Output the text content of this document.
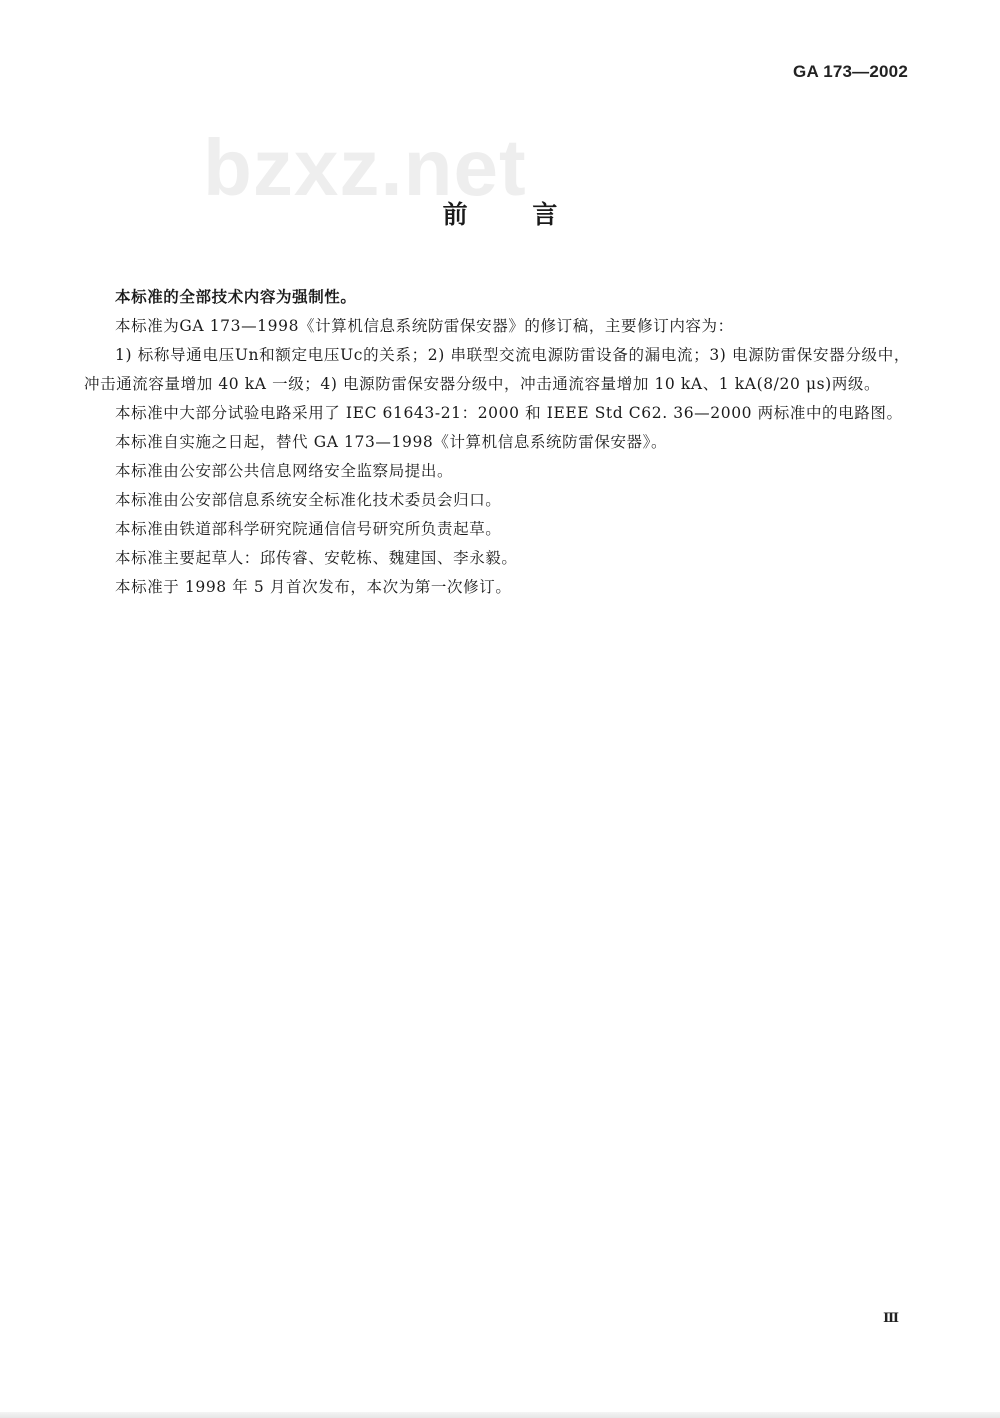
GA 173—2002
bzxz.net
前 言

本标准的全部技术内容为强制性。

本标准为GA 173—1998《计算机信息系统防雷保安器》的修订稿，主要修订内容为：

1) 标称导通电压Un和额定电压Uc的关系；2) 串联型交流电源防雷设备的漏电流；3) 电源防雷保安器分级中，冲击通流容量增加 40 kA 一级；4) 电源防雷保安器分级中，冲击通流容量增加 10 kA、1 kA(8/20 μs)两级。

本标准中大部分试验电路采用了 IEC 61643-21：2000 和 IEEE Std C62. 36—2000 两标准中的电路图。

本标准自实施之日起，替代 GA 173—1998《计算机信息系统防雷保安器》。

本标准由公安部公共信息网络安全监察局提出。

本标准由公安部信息系统安全标准化技术委员会归口。

本标准由铁道部科学研究院通信信号研究所负责起草。

本标准主要起草人：邱传睿、安乾栋、魏建国、李永毅。

本标准于 1998 年 5 月首次发布，本次为第一次修订。

Ⅲ
